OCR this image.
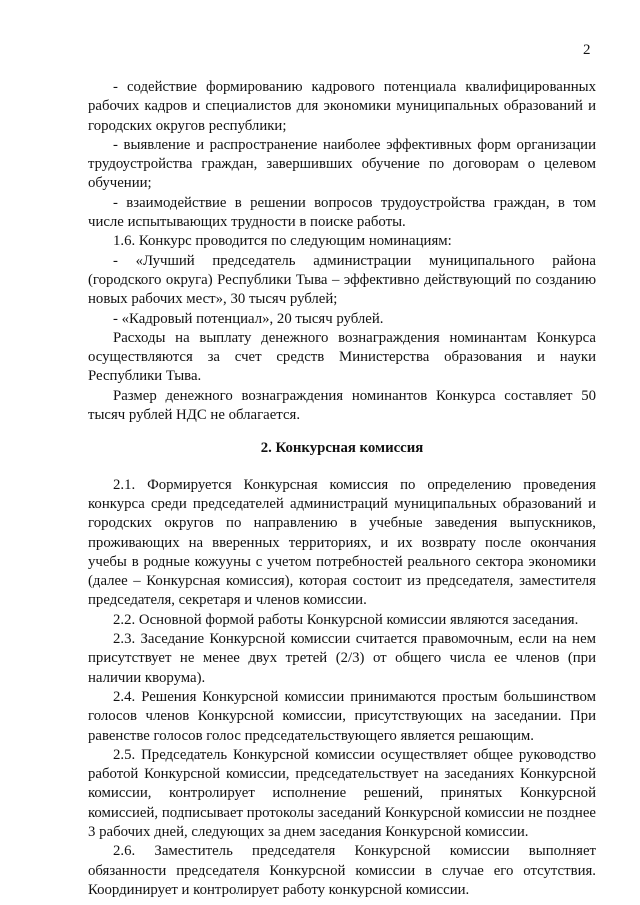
2

- содействие формированию кадрового потенциала квалифицированных рабочих кадров и специалистов для экономики муниципальных образований и городских округов республики;

- выявление и распространение наиболее эффективных форм организации трудоустройства граждан, завершивших обучение по договорам о целевом обучении;

- взаимодействие в решении вопросов трудоустройства граждан, в том числе испытывающих трудности в поиске работы.

1.6. Конкурс проводится по следующим номинациям:

- «Лучший председатель администрации муниципального района (городского округа) Республики Тыва – эффективно действующий по созданию новых рабочих мест», 30 тысяч рублей;

- «Кадровый потенциал», 20 тысяч рублей.

Расходы на выплату денежного вознаграждения номинантам Конкурса осуществляются за счет средств Министерства образования и науки Республики Тыва.

Размер денежного вознаграждения номинантов Конкурса составляет 50 тысяч рублей НДС не облагается.

2. Конкурсная комиссия

2.1. Формируется Конкурсная комиссия по определению проведения конкурса среди председателей администраций муниципальных образований и городских округов по направлению в учебные заведения выпускников, проживающих на вверенных территориях, и их возврату после окончания учебы в родные кожууны с учетом потребностей реального сектора экономики (далее – Конкурсная комиссия), которая состоит из председателя, заместителя председателя, секретаря и членов комиссии.

2.2. Основной формой работы Конкурсной комиссии являются заседания.

2.3. Заседание Конкурсной комиссии считается правомочным, если на нем присутствует не менее двух третей (2/3) от общего числа ее членов (при наличии кворума).

2.4. Решения Конкурсной комиссии принимаются простым большинством голосов членов Конкурсной комиссии, присутствующих на заседании. При равенстве голосов голос председательствующего является решающим.

2.5. Председатель Конкурсной комиссии осуществляет общее руководство работой Конкурсной комиссии, председательствует на заседаниях Конкурсной комиссии, контролирует исполнение решений, принятых Конкурсной комиссией, подписывает протоколы заседаний Конкурсной комиссии не позднее 3 рабочих дней, следующих за днем заседания Конкурсной комиссии.

2.6. Заместитель председателя Конкурсной комиссии выполняет обязанности председателя Конкурсной комиссии в случае его отсутствия. Координирует и контролирует работу конкурсной комиссии.
